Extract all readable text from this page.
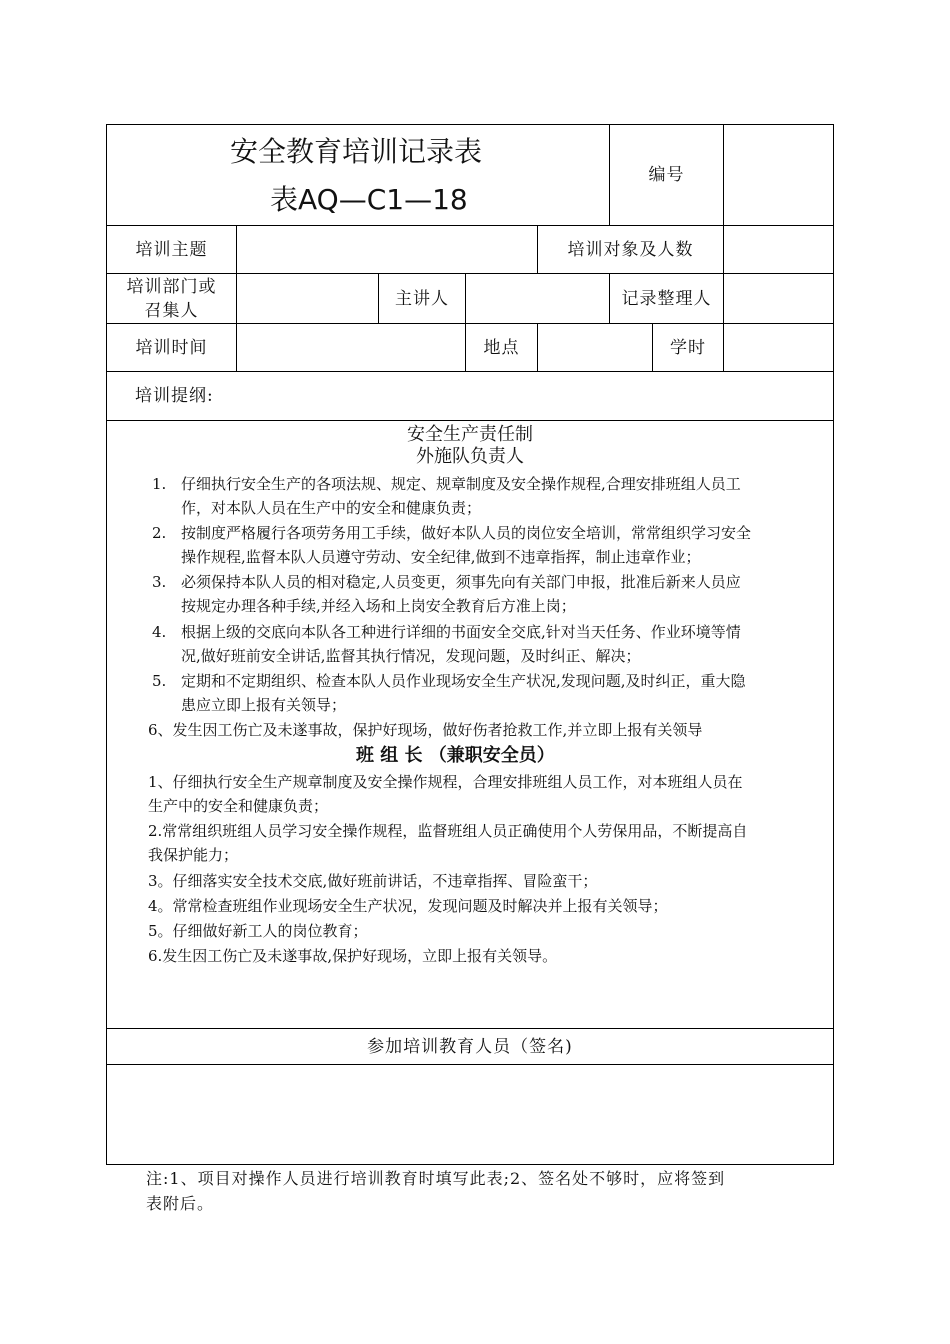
安全教育培训记录表
表AQ—C1—18
编号
培训主题	培训对象及人数
培训部门或
召集人
主讲人	记录整理人
培训时间	地点	学时
培训提纲:
安全生产责任制
外施队负责人
1. 仔细执行安全生产的各项法规、规定、规章制度及安全操作规程,合理安排班组人员工
作，对本队人员在生产中的安全和健康负责；
2. 按制度严格履行各项劳务用工手续，做好本队人员的岗位安全培训，常常组织学习安全
操作规程,监督本队人员遵守劳动、安全纪律,做到不违章指挥，制止违章作业；
3. 必须保持本队人员的相对稳定,人员变更，须事先向有关部门申报，批准后新来人员应
按规定办理各种手续,并经入场和上岗安全教育后方准上岗；
4. 根据上级的交底向本队各工种进行详细的书面安全交底,针对当天任务、作业环境等情
况,做好班前安全讲话,监督其执行情况，发现问题，及时纠正、解决；
5. 定期和不定期组织、检查本队人员作业现场安全生产状况,发现问题,及时纠正，重大隐
患应立即上报有关领导；
6、发生因工伤亡及未遂事故，保护好现场，做好伤者抢救工作,并立即上报有关领导
班 组 长 （兼职安全员）
1、仔细执行安全生产规章制度及安全操作规程，合理安排班组人员工作，对本班组人员在
生产中的安全和健康负责；
2.常常组织班组人员学习安全操作规程，监督班组人员正确使用个人劳保用品，不断提高自
我保护能力；
3。仔细落实安全技术交底,做好班前讲话，不违章指挥、冒险蛮干；
4。常常检查班组作业现场安全生产状况，发现问题及时解决并上报有关领导；
5。仔细做好新工人的岗位教育；
6.发生因工伤亡及未遂事故,保护好现场，立即上报有关领导。
参加培训教育人员（签名)
注:1、项目对操作人员进行培训教育时填写此表;2、签名处不够时，应将签到
表附后。
